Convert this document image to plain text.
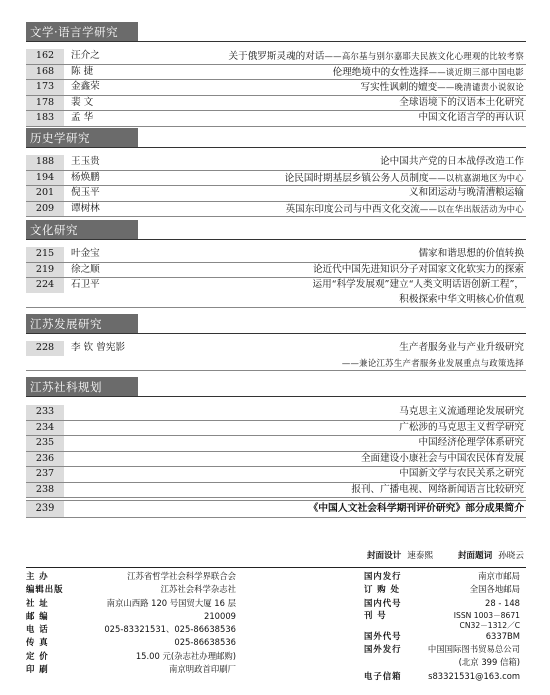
文学·语言学研究
162	汪介之	关于俄罗斯灵魂的对话——高尔基与别尔嘉耶夫民族文化心理观的比较考察
168	陈 捷	伦理绝境中的女性选择——谈近期三部中国电影
173	金鑫荣	写实性讽刺的嬗变——晚清谴责小说叙论
178	裴 文	全球语境下的汉语本土化研究
183	孟 华	中国文化语言学的再认识
历史学研究
188	王玉贵	论中国共产党的日本战俘改造工作
194	杨焕鹏	论民国时期基层乡镇公务人员制度——以杭嘉湖地区为中心
201	倪玉平	义和团运动与晚清漕粮运输
209	谭树林	英国东印度公司与中西文化交流——以在华出版活动为中心
文化研究
215	叶金宝	儒家和谐思想的价值转换
219	徐之顺	论近代中国先进知识分子对国家文化软实力的探索
224	石卫平	运用“科学发展观”建立“人类文明话语创新工程”，
积极探索中华文明核心价值观
江苏发展研究
228	李 钦 曾宪影	生产者服务业与产业升级研究
——兼论江苏生产者服务业发展重点与政策选择
江苏社科规划
233	马克思主义流通理论发展研究
234	广松涉的马克思主义哲学研究
235	中国经济伦理学体系研究
236	全面建设小康社会与中国农民体育发展
237	中国新文学与农民关系之研究
238	报刊、广播电视、网络新闻语言比较研究
239	《中国人文社会科学期刊评价研究》部分成果简介
封面设计 速泰熙	封面题词 孙晓云
主 办	江苏省哲学社会科学界联合会
编辑出版	江苏社会科学杂志社
社 址	南京山西路 120 号国贸大厦 16 层
邮 编	210009
电 话	025-83321531、025-86638536
传 真	025-86638536
定 价	15.00 元(杂志社办理邮购)
印 刷	南京明政首印刷厂
国内发行	南京市邮局
订 购 处	全国各地邮局
国内代号	28 - 148
刊 号	ISSN 1003－8671
CN32－1312／C
国外代号	6337BM
国外发行	中国国际图书贸易总公司
(北京 399 信箱)
电子信箱	s83321531@163.com
